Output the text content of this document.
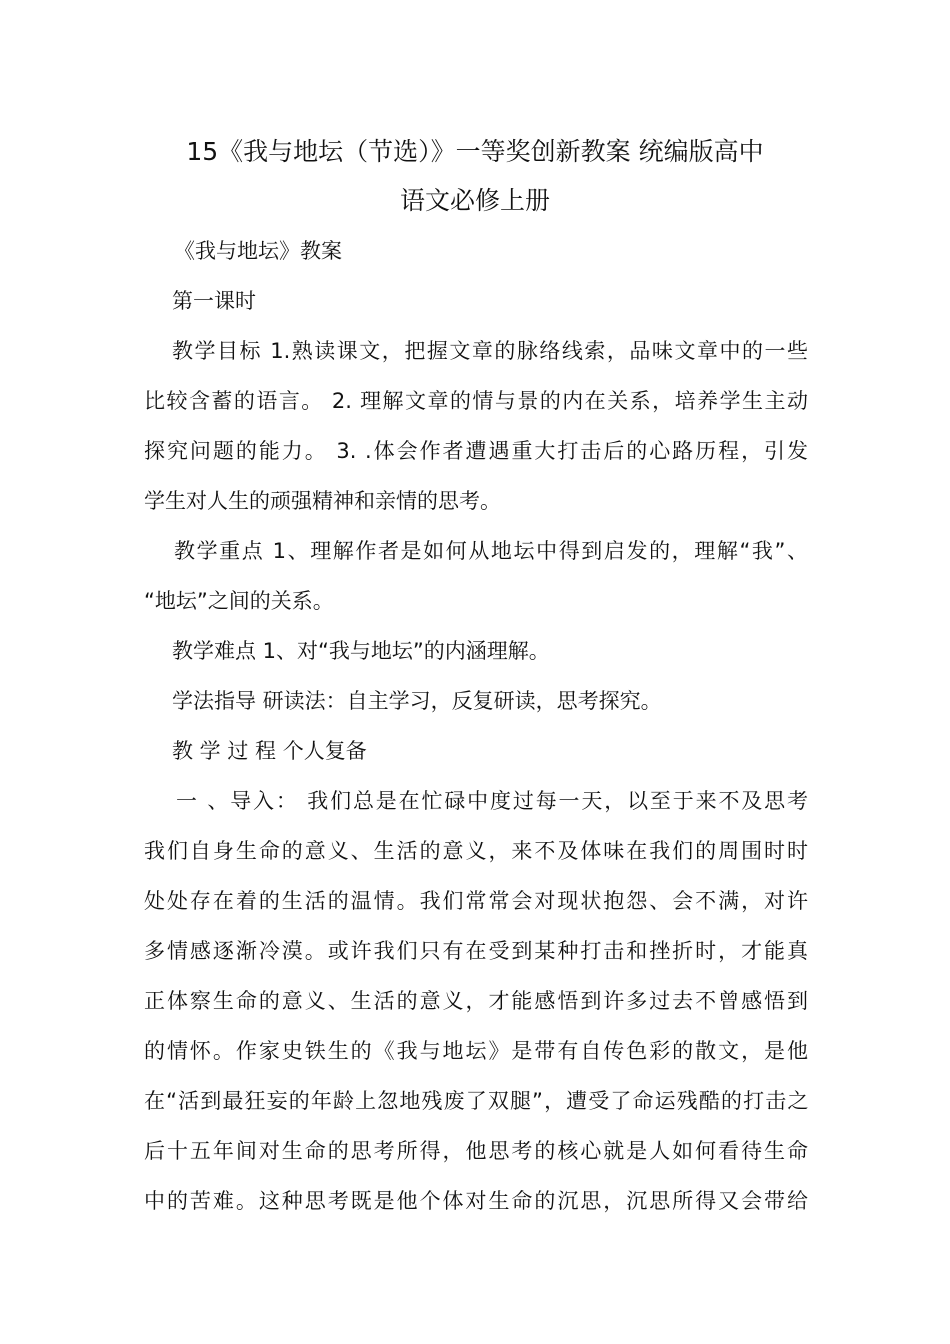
15《我与地坛（节选）》一等奖创新教案 统编版高中
语文必修上册
《我与地坛》教案
第一课时
教学目标 1.熟读课文，把握文章的脉络线索，品味文章中的一些
比较含蓄的语言。 2. 理解文章的情与景的内在关系，培养学生主动
探究问题的能力。 3. .体会作者遭遇重大打击后的心路历程，引发
学生对人生的顽强精神和亲情的思考。
教学重点 1、理解作者是如何从地坛中得到启发的，理解“我”、
“地坛”之间的关系。
教学难点 1、对“我与地坛”的内涵理解。
学法指导 研读法：自主学习，反复研读，思考探究。
教 学 过 程 个人复备
一 、导入： 我们总是在忙碌中度过每一天，以至于来不及思考
我们自身生命的意义、生活的意义，来不及体味在我们的周围时时
处处存在着的生活的温情。我们常常会对现状抱怨、会不满，对许
多情感逐渐冷漠。或许我们只有在受到某种打击和挫折时，才能真
正体察生命的意义、生活的意义，才能感悟到许多过去不曾感悟到
的情怀。作家史铁生的《我与地坛》是带有自传色彩的散文，是他
在“活到最狂妄的年龄上忽地残废了双腿”，遭受了命运残酷的打击之
后十五年间对生命的思考所得，他思考的核心就是人如何看待生命
中的苦难。这种思考既是他个体对生命的沉思，沉思所得又会带给
